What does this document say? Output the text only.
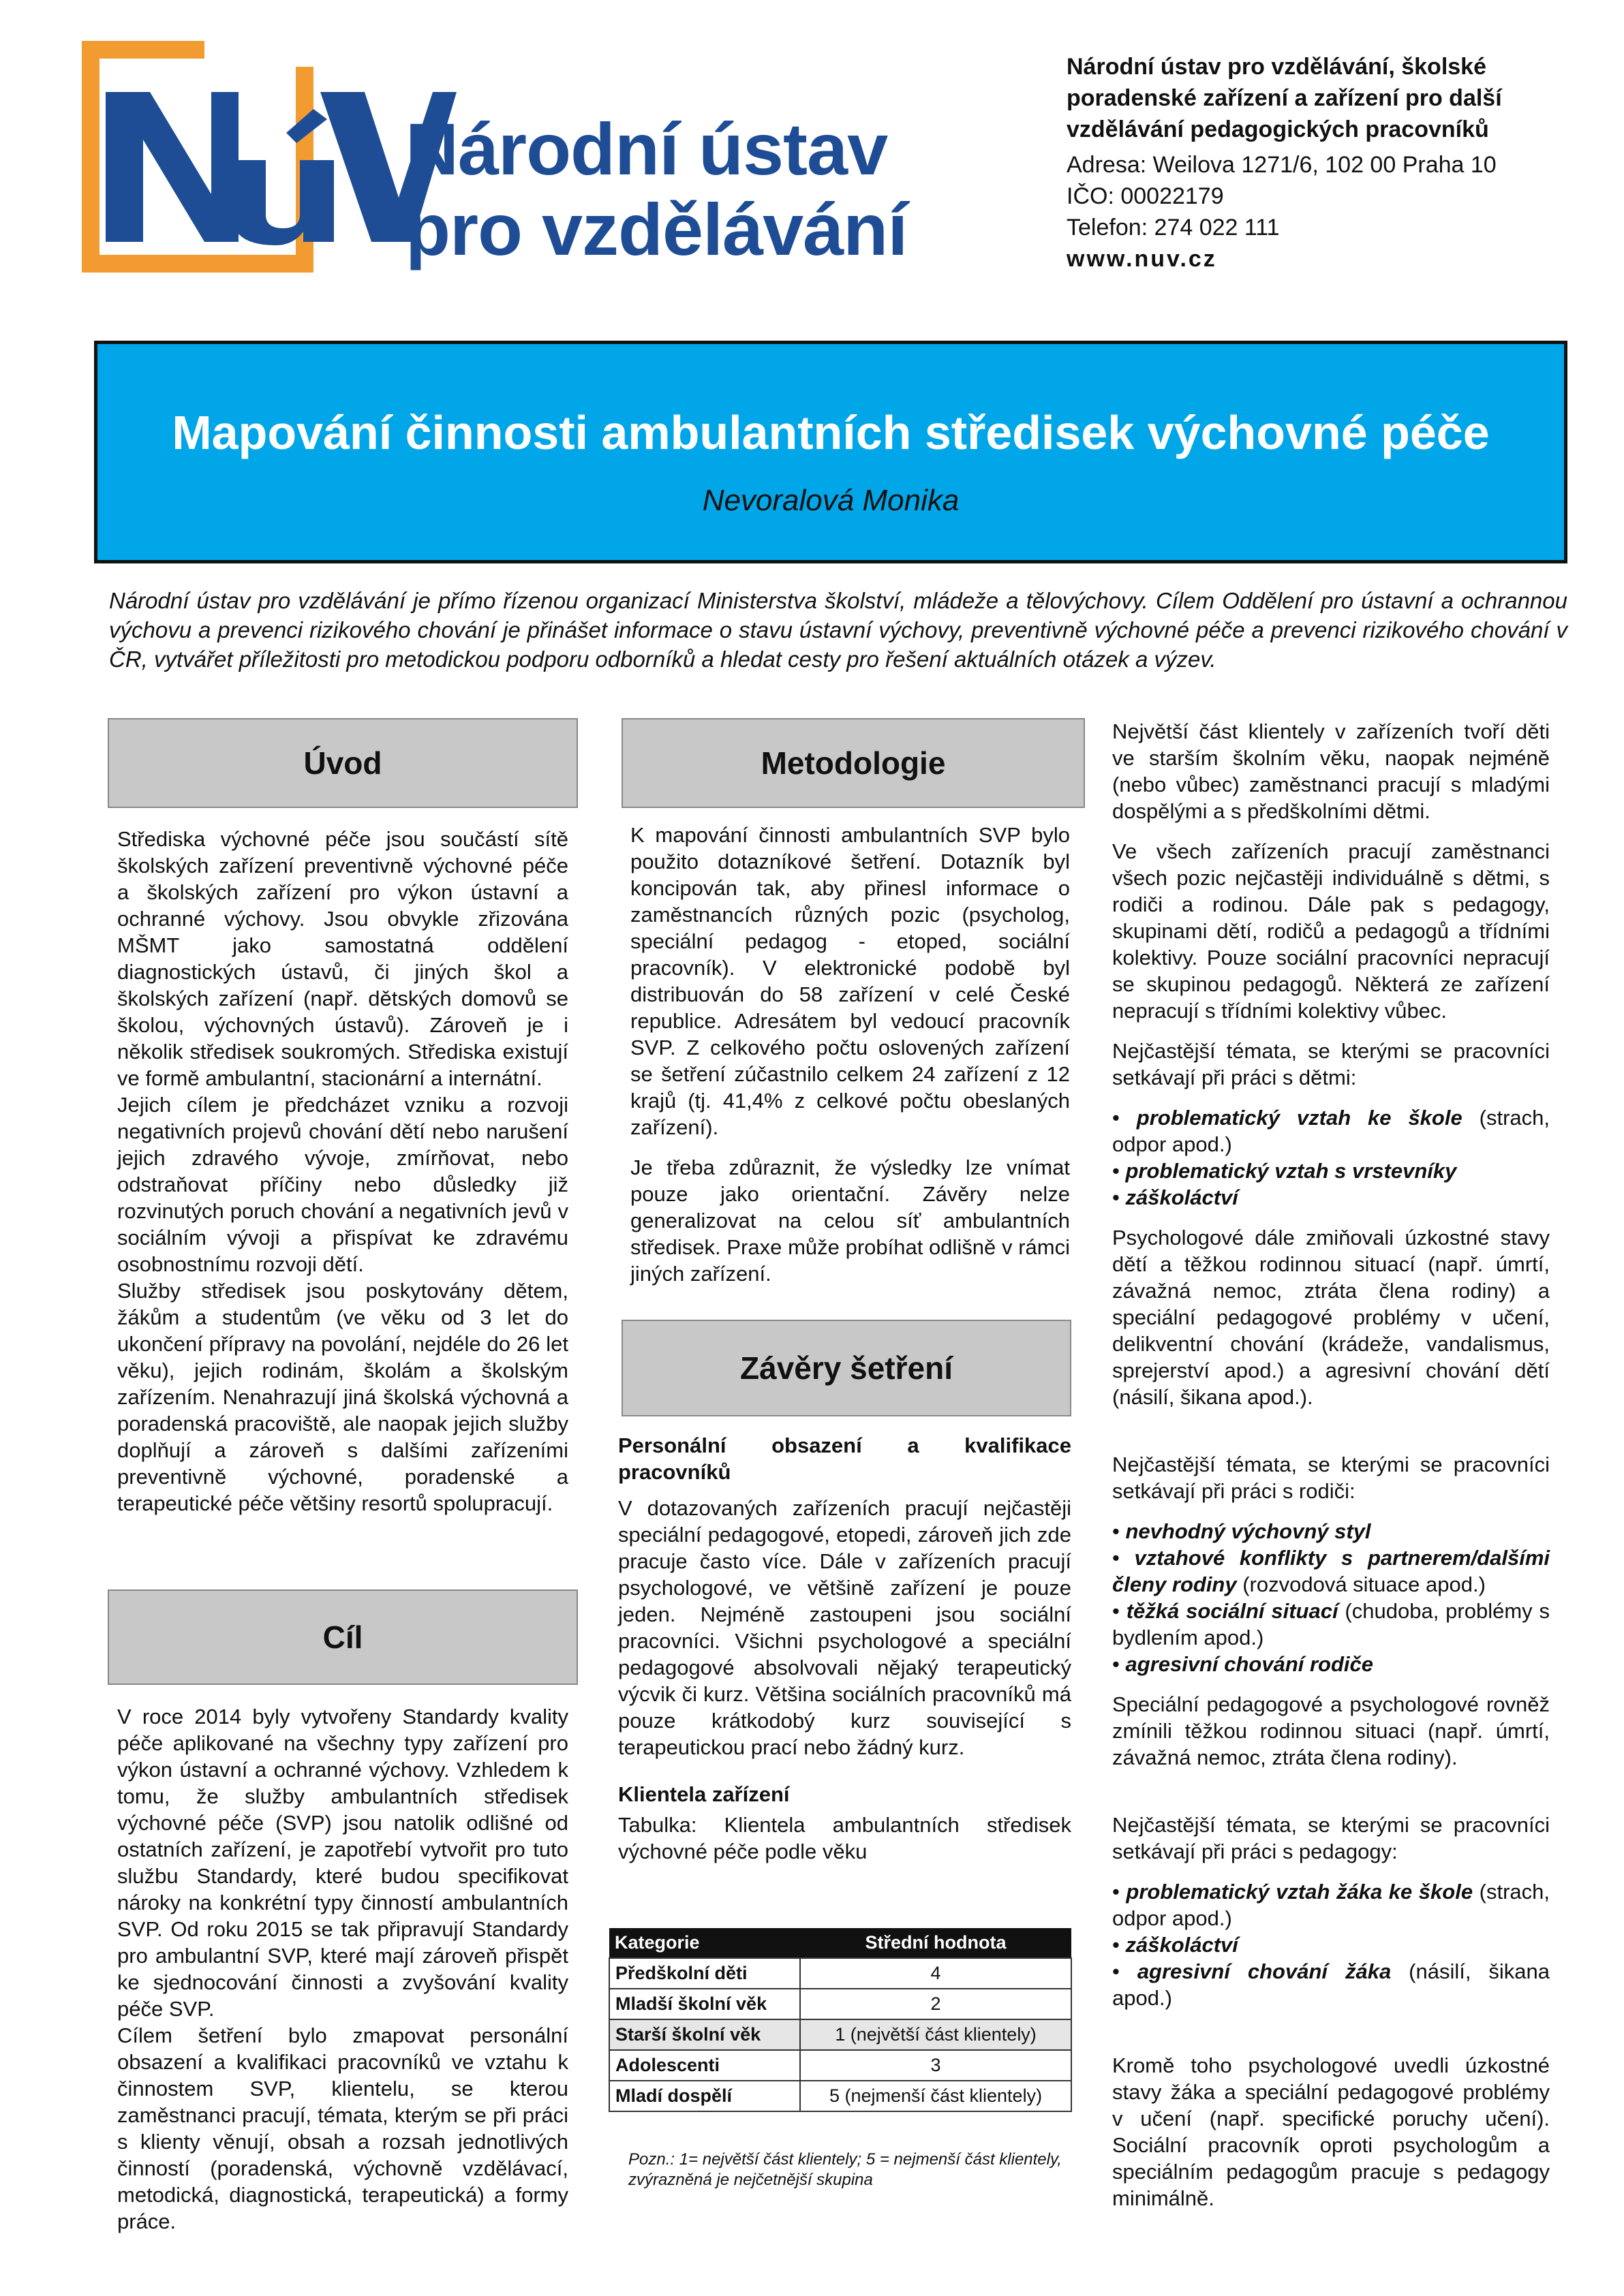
Národní ústav
pro vzdělávání
Národní ústav pro vzdělávání, školské
poradenské zařízení a zařízení pro další
vzdělávání pedagogických pracovníků
Adresa: Weilova 1271/6, 102 00 Praha 10
IČO: 00022179
Telefon: 274 022 111
www.nuv.cz
Mapování činnosti ambulantních středisek výchovné péče
Nevoralová Monika
Národní ústav pro vzdělávání je přímo řízenou organizací Ministerstva školství, mládeže a tělovýchovy. Cílem Oddělení pro ústavní a ochrannou výchovu a prevenci rizikového chování je přinášet informace o stavu ústavní výchovy, preventivně výchovné péče a prevenci rizikového chování v ČR, vytvářet příležitosti pro metodickou podporu odborníků a hledat cesty pro řešení aktuálních otázek a výzev.
Úvod

Střediska výchovné péče jsou součástí sítě školských zařízení preventivně výchovné péče a školských zařízení pro výkon ústavní a ochranné výchovy. Jsou obvykle zřizována MŠMT jako samostatná oddělení diagnostických ústavů, či jiných škol a školských zařízení (např. dětských domovů se školou, výchovných ústavů). Zároveň je i několik středisek soukromých. Střediska existují ve formě ambulantní, stacionární a internátní.

Jejich cílem je předcházet vzniku a rozvoji negativních projevů chování dětí nebo narušení jejich zdravého vývoje, zmírňovat, nebo odstraňovat příčiny nebo důsledky již rozvinutých poruch chování a negativních jevů v sociálním vývoji a přispívat ke zdravému osobnostnímu rozvoji dětí.

Služby středisek jsou poskytovány dětem, žákům a studentům (ve věku od 3 let do ukončení přípravy na povolání, nejdéle do 26 let věku), jejich rodinám, školám a školským zařízením. Nenahrazují jiná školská výchovná a poradenská pracoviště, ale naopak jejich služby doplňují a zároveň s dalšími zařízeními preventivně výchovné, poradenské a terapeutické péče většiny resortů spolupracují.

Cíl

V roce 2014 byly vytvořeny Standardy kvality péče aplikované na všechny typy zařízení pro výkon ústavní a ochranné výchovy. Vzhledem k tomu, že služby ambulantních středisek výchovné péče (SVP) jsou natolik odlišné od ostatních zařízení, je zapotřebí vytvořit pro tuto službu Standardy, které budou specifikovat nároky na konkrétní typy činností ambulantních SVP. Od roku 2015 se tak připravují Standardy pro ambulantní SVP, které mají zároveň přispět ke sjednocování činnosti a zvyšování kvality péče SVP.

Cílem šetření bylo zmapovat personální obsazení a kvalifikaci pracovníků ve vztahu k činnostem SVP, klientelu, se kterou zaměstnanci pracují, témata, kterým se při práci s klienty věnují, obsah a rozsah jednotlivých činností (poradenská, výchovně vzdělávací, metodická, diagnostická, terapeutická) a formy práce.

Metodologie

K mapování činnosti ambulantních SVP bylo použito dotazníkové šetření. Dotazník byl koncipován tak, aby přinesl informace o zaměstnancích různých pozic (psycholog, speciální pedagog - etoped, sociální pracovník). V elektronické podobě byl distribuován do 58 zařízení v celé České republice. Adresátem byl vedoucí pracovník SVP. Z celkového počtu oslovených zařízení se šetření zúčastnilo celkem 24 zařízení z 12 krajů (tj. 41,4% z celkové počtu obeslaných zařízení).

Je třeba zdůraznit, že výsledky lze vnímat pouze jako orientační. Závěry nelze generalizovat na celou síť ambulantních středisek. Praxe může probíhat odlišně v rámci jiných zařízení.

Závěry šetření

Personální obsazení a kvalifikace pracovníků

V dotazovaných zařízeních pracují nejčastěji speciální pedagogové, etopedi, zároveň jich zde pracuje často více. Dále v zařízeních pracují psychologové, ve většině zařízení je pouze jeden. Nejméně zastoupeni jsou sociální pracovníci. Všichni psychologové a speciální pedagogové absolvovali nějaký terapeutický výcvik či kurz. Většina sociálních pracovníků má pouze krátkodobý kurz související s terapeutickou prací nebo žádný kurz.

Klientela zařízení

Tabulka: Klientela ambulantních středisek výchovné péče podle věku

Kategorie	Střední hodnota
Předškolní děti	4
Mladší školní věk	2
Starší školní věk	1 (největší část klientely)
Adolescenti	3
Mladí dospělí	5 (nejmenší část klientely)
Pozn.: 1= největší část klientely; 5 = nejmenší část klientely, zvýrazněná je nejčetnější skupina

Největší část klientely v zařízeních tvoří děti ve starším školním věku, naopak nejméně (nebo vůbec) zaměstnanci pracují s mladými dospělými a s předškolními dětmi.

Ve všech zařízeních pracují zaměstnanci všech pozic nejčastěji individuálně s dětmi, s rodiči a rodinou. Dále pak s pedagogy, skupinami dětí, rodičů a pedagogů a třídními kolektivy. Pouze sociální pracovníci nepracují se skupinou pedagogů. Některá ze zařízení nepracují s třídními kolektivy vůbec.

Nejčastější témata, se kterými se pracovníci setkávají při práci s dětmi:

• problematický vztah ke škole (strach, odpor apod.)

• problematický vztah s vrstevníky

• záškoláctví

Psychologové dále zmiňovali úzkostné stavy dětí a těžkou rodinnou situací (např. úmrtí, závažná nemoc, ztráta člena rodiny) a speciální pedagogové problémy v učení, delikventní chování (krádeže, vandalismus, sprejerství apod.) a agresivní chování dětí (násilí, šikana apod.).

Nejčastější témata, se kterými se pracovníci setkávají při práci s rodiči:

• nevhodný výchovný styl

• vztahové konflikty s partnerem/dalšími členy rodiny (rozvodová situace apod.)

• těžká sociální situací (chudoba, problémy s bydlením apod.)

• agresivní chování rodiče

Speciální pedagogové a psychologové rovněž zmínili těžkou rodinnou situaci (např. úmrtí, závažná nemoc, ztráta člena rodiny).

Nejčastější témata, se kterými se pracovníci setkávají při práci s pedagogy:

• problematický vztah žáka ke škole (strach, odpor apod.)

• záškoláctví

• agresivní chování žáka (násilí, šikana apod.)

Kromě toho psychologové uvedli úzkostné stavy žáka a speciální pedagogové problémy v učení (např. specifické poruchy učení). Sociální pracovník oproti psychologům a speciálním pedagogům pracuje s pedagogy minimálně.
